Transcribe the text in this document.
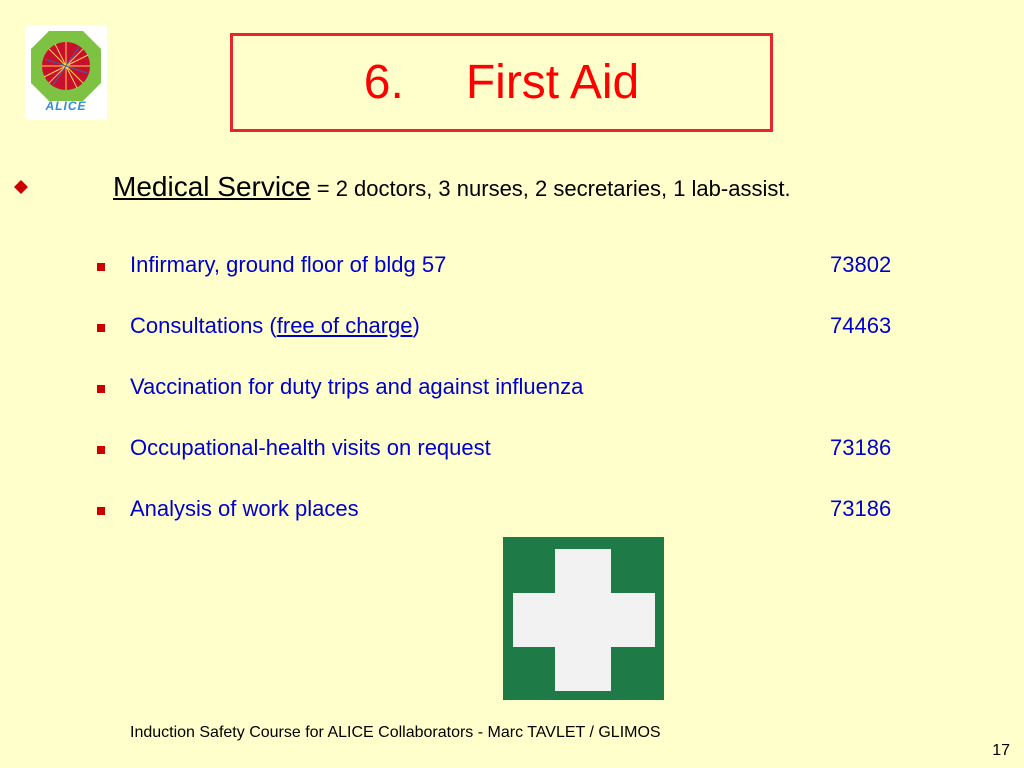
ALICE	6. First Aid
Medical Service = 2 doctors, 3 nurses, 2 secretaries, 1 lab-assist.
Infirmary, ground floor of bldg 57	73802
Consultations (free of charge)	74463
Vaccination for duty trips and against influenza
Occupational-health visits on request	73186
Analysis of work places	73186
Induction Safety Course for ALICE Collaborators - Marc TAVLET / GLIMOS
17
